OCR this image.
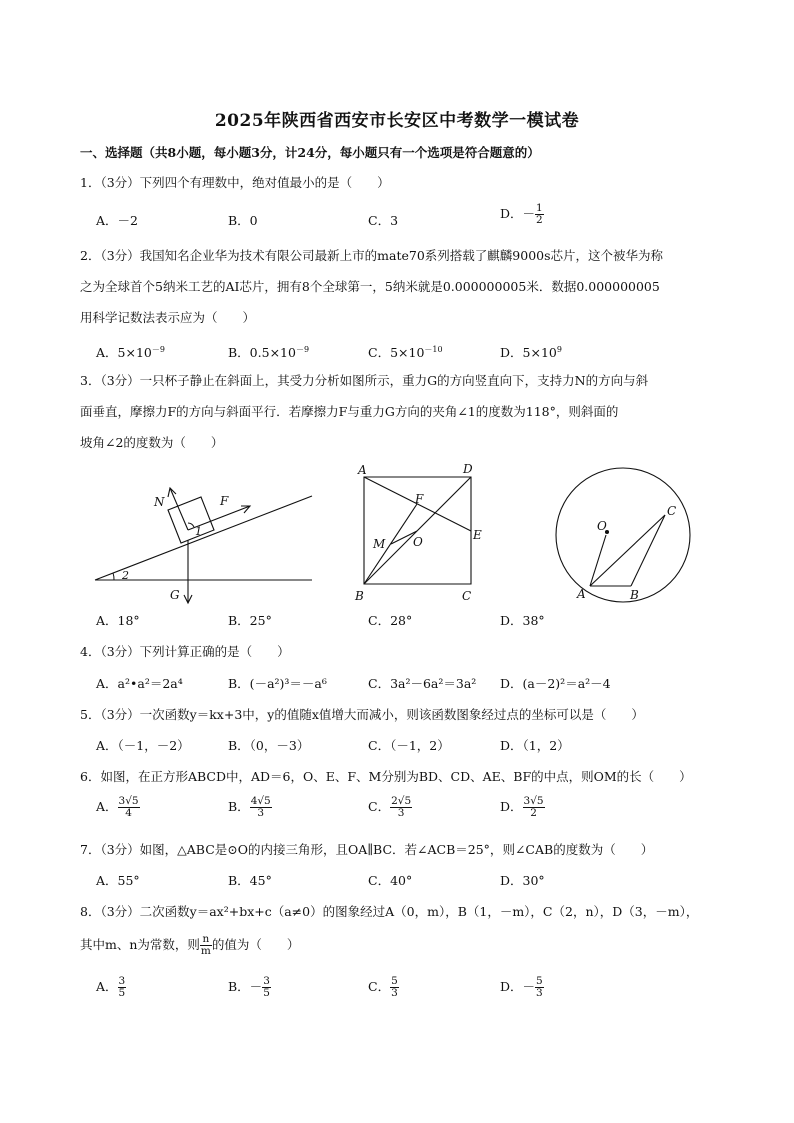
2025年陕西省西安市长安区中考数学一模试卷
一、选择题（共8小题，每小题3分，计24分，每小题只有一个选项是符合题意的）
1．（3分）下列四个有理数中，绝对值最小的是（　　）
A．－2	B．0	C．3	D．－ $\frac{1}{2}$
2．（3分）我国知名企业华为技术有限公司最新上市的mate70系列搭载了麒麟9000s芯片，这个被华为称
之为全球首个5纳米工艺的AI芯片，拥有8个全球第一，5纳米就是0.000000005米．数据0.000000005
用科学记数法表示应为（　　）
A．$5\times 10^{-9}$	B．$0.5\times 10^{-9}$	C．$5\times 10^{-10}$	D．$5\times 10^9$
3．（3分）一只杯子静止在斜面上，其受力分析如图所示，重力G的方向竖直向下，支持力N的方向与斜
面垂直，摩擦力F的方向与斜面平行．若摩擦力F与重力G方向的夹角∠1的度数为118°，则斜面的
坡角∠2的度数为（　　）
N	F
G
1
2
A	D
F
M O	E
B	C
O
C
A	B
A．18°	B．25°	C．28°	D．38°
4．（3分）下列计算正确的是（　　）
A．a²•a²＝2a⁴	B．(－a²)³＝－a⁶	C．3a²－6a²＝3a² D．(a－2)²＝a²－4
5．（3分）一次函数y＝kx+3中，y的值随x值增大而减小，则该函数图象经过点的坐标可以是（　　）
A．（－1，－2）	B．（0，－3）	C．（－1，2）	D．（1，2）
6．如图，在正方形ABCD中，AD＝6，O、E、F、M分别为BD、CD、AE、BF的中点，则OM的长（　　）
A． $\frac{3√5}{4}$	B． $\frac{4√5}{3}$	C． $\frac{2√5}{3}$	D． $\frac{3√5}{2}$
7．（3分）如图，△ABC是⊙O的内接三角形，且OA∥BC．若∠ACB＝25°，则∠CAB的度数为（　　）
A．55°	B．45°	C．40°	D．30°
8．（3分）二次函数y＝ax²+bx+c（a≠0）的图象经过A（0，m），B（1，－m），C（2，n），D（3，－m），
其中m、n为常数，则 $\frac{n}{m}$ 的值为（　　）
A． $\frac{3}{5}$	B．－ $\frac{3}{5}$	C． $\frac{5}{3}$	D．－ $\frac{5}{3}$
